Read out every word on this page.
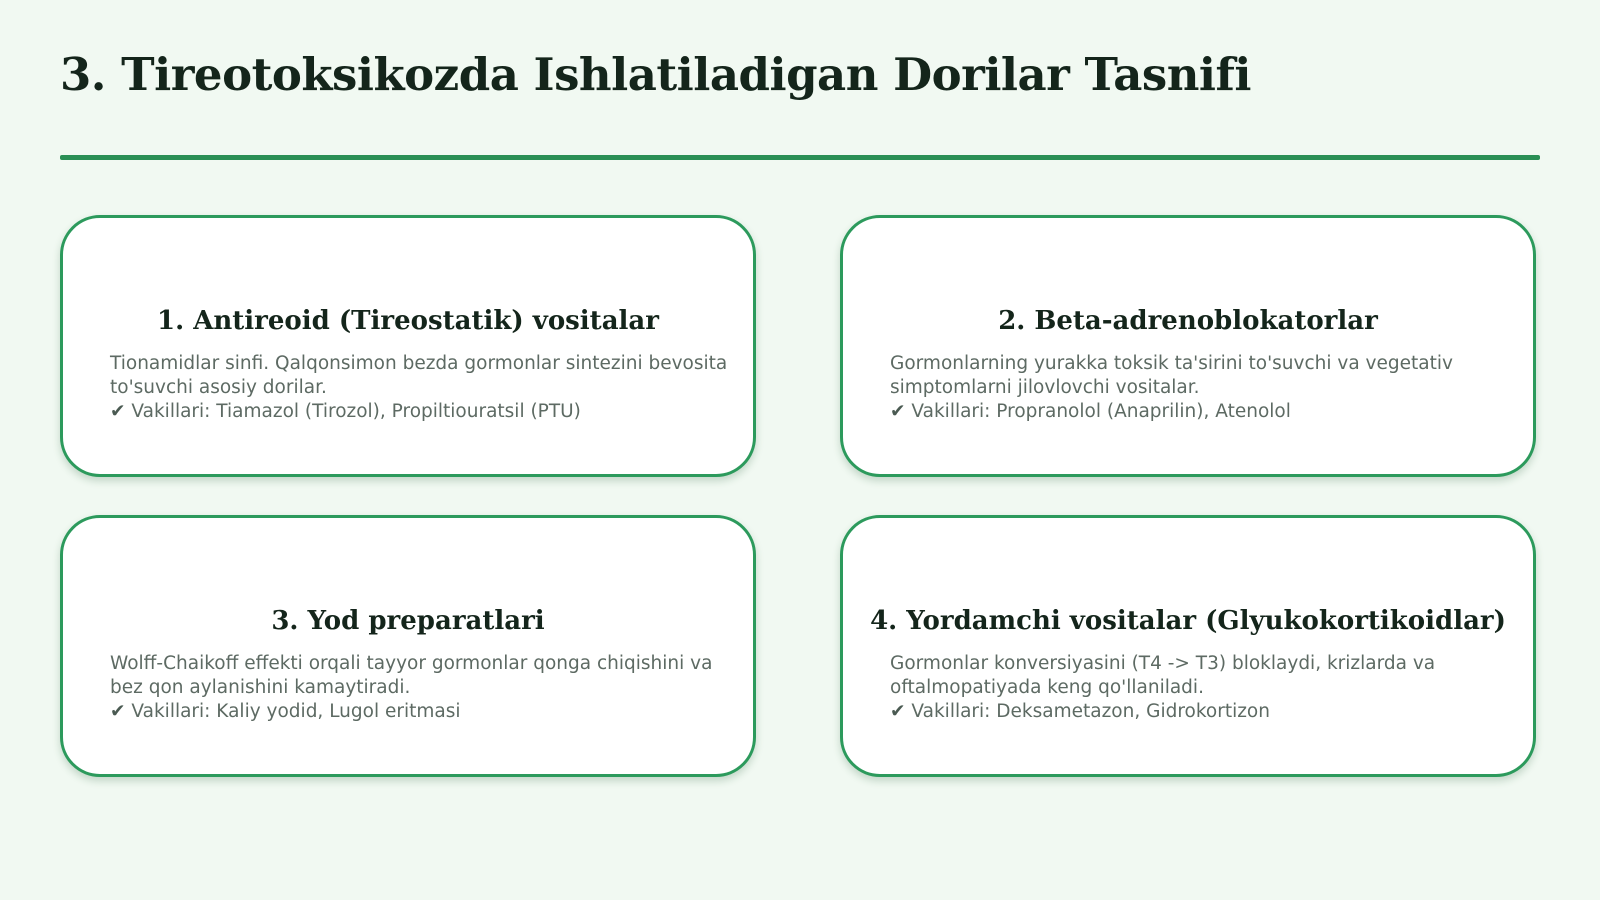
3. Tireotoksikozda Ishlatiladigan Dorilar Tasnifi
1. Antireoid (Tireostatik) vositalar

Tionamidlar sinfi. Qalqonsimon bezda gormonlar sintezini bevosita to'suvchi asosiy dorilar.

✔ Vakillari: Tiamazol (Tirozol), Propiltiouratsil (PTU)

2. Beta-adrenoblokatorlar

Gormonlarning yurakka toksik ta'sirini to'suvchi va vegetativ simptomlarni jilovlovchi vositalar.

✔ Vakillari: Propranolol (Anaprilin), Atenolol

3. Yod preparatlari

Wolff-Chaikoff effekti orqali tayyor gormonlar qonga chiqishini va bez qon aylanishini kamaytiradi.

✔ Vakillari: Kaliy yodid, Lugol eritmasi

4. Yordamchi vositalar (Glyukokortikoidlar)

Gormonlar konversiyasini (T4 -> T3) bloklaydi, krizlarda va oftalmopatiyada keng qo'llaniladi.

✔ Vakillari: Deksametazon, Gidrokortizon
